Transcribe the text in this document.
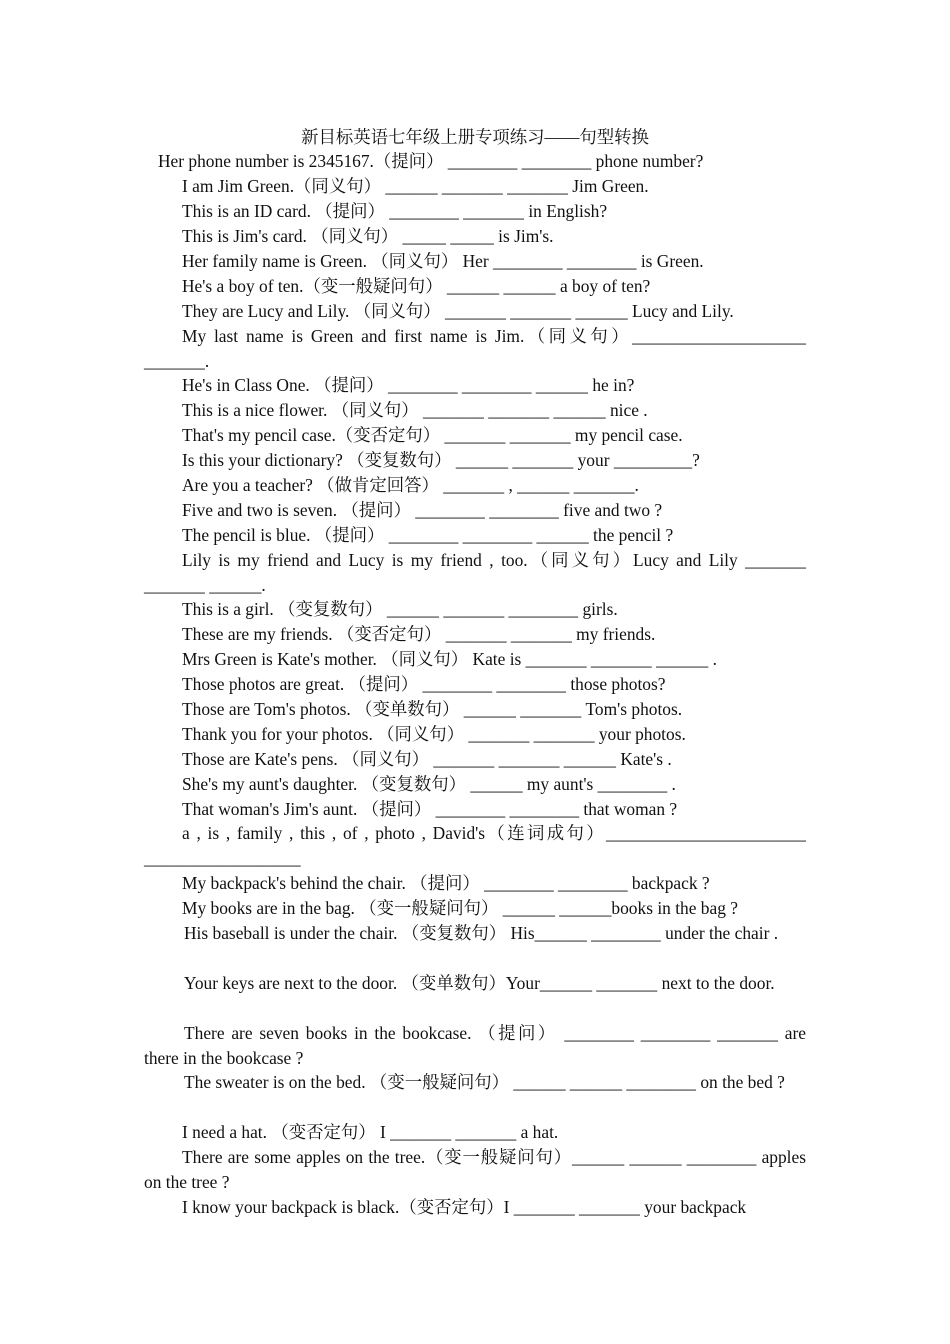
新目标英语七年级上册专项练习——句型转换
Her phone number is 2345167.（提问） ________ ________ phone number?
I am Jim Green.（同义句） ______ _______ _______ Jim Green.
This is an ID card. （提问） ________ _______ in English?
This is Jim's card. （同义句） _____ _____ is Jim's.
Her family name is Green. （同义句） Her ________ ________ is Green.
He's a boy of ten.（变一般疑问句） ______ ______ a boy of ten?
They are Lucy and Lily. （同义句） _______ _______ ______ Lucy and Lily.
My last name is Green and first name is Jim.（同义句）____________________ _______.
He's in Class One. （提问） ________ ________ ______ he in?
This is a nice flower. （同义句） _______ _______ ______ nice .
That's my pencil case.（变否定句） _______ _______ my pencil case.
Is this your dictionary? （变复数句） ______ _______ your _________?
Are you a teacher? （做肯定回答） _______ , ______ _______.
Five and two is seven. （提问） ________ ________ five and two ?
The pencil is blue. （提问） ________ ________ ______ the pencil ?
Lily is my friend and Lucy is my friend , too.（同义句）Lucy and Lily _______ _______ ______.
This is a girl. （变复数句） ______ _______ ________ girls.
These are my friends. （变否定句） _______ _______ my friends.
Mrs Green is Kate's mother. （同义句） Kate is _______ _______ ______ .
Those photos are great. （提问） ________ ________ those photos?
Those are Tom's photos. （变单数句） ______ _______ Tom's photos.
Thank you for your photos. （同义句） _______ _______ your photos.
Those are Kate's pens. （同义句） _______ _______ ______ Kate's .
She's my aunt's daughter. （变复数句） ______ my aunt's ________ .
That woman's Jim's aunt. （提问） ________ ________ that woman ?
a , is , family , this , of , photo , David's（连词成句）_______________________ __________________
My backpack's behind the chair. （提问） ________ ________ backpack ?
My books are in the bag. （变一般疑问句） ______ ______books in the bag ?
His baseball is under the chair. （变复数句） His______ ________ under the chair .
Your keys are next to the door. （变单数句）Your______ _______ next to the door.
There are seven books in the bookcase. （提问） ________ ________ _______ are there in the bookcase ?
The sweater is on the bed. （变一般疑问句） ______ ______ ________ on the bed ?
I need a hat. （变否定句） I _______ _______ a hat.
There are some apples on the tree.（变一般疑问句）______ ______ ________ apples on the tree ?
I know your backpack is black.（变否定句）I _______ _______ your backpack
